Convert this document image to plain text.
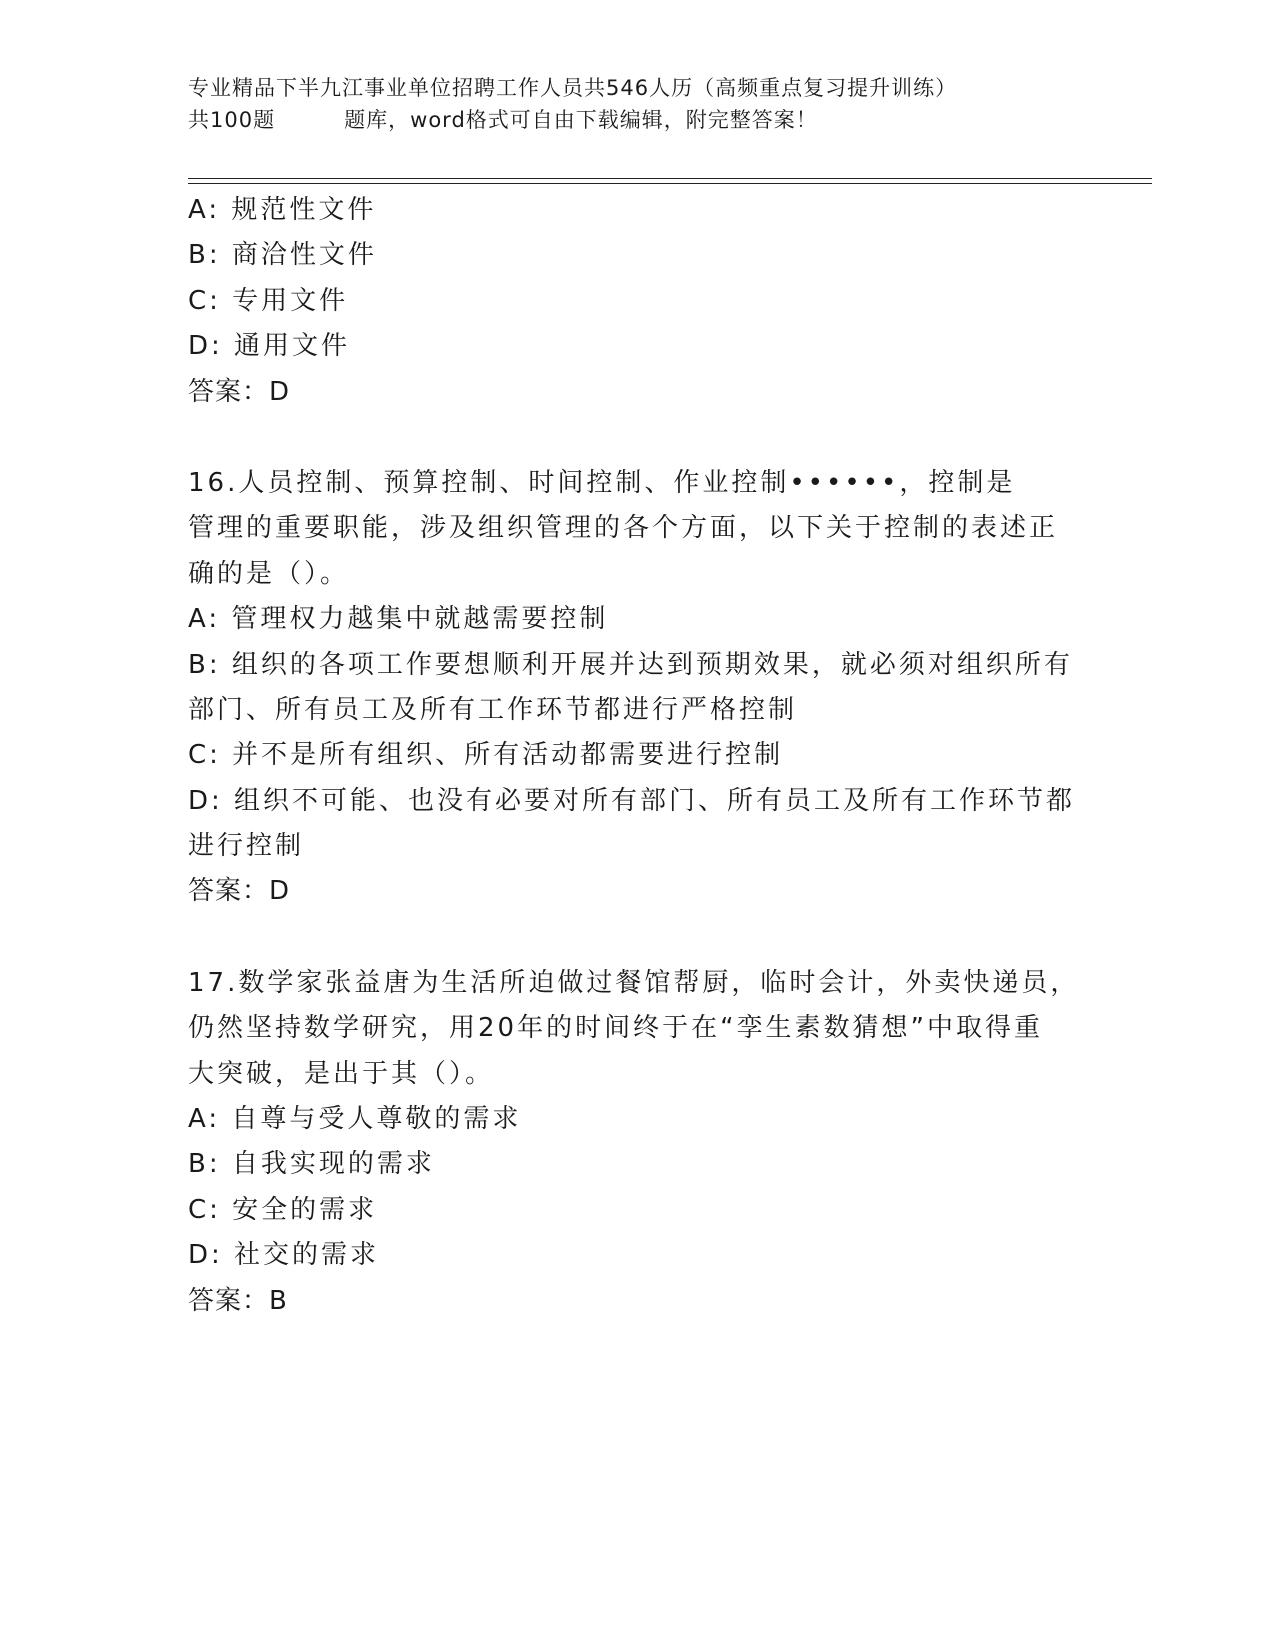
专业精品下半九江事业单位招聘工作人员共546人历（高频重点复习提升训练）
共100题         题库，word格式可自由下载编辑，附完整答案！
A: 规范性文件
B: 商洽性文件
C: 专用文件
D: 通用文件
答案：D
16.人员控制、预算控制、时间控制、作业控制••••••，控制是
管理的重要职能，涉及组织管理的各个方面，以下关于控制的表述正
确的是（）。
A: 管理权力越集中就越需要控制
B: 组织的各项工作要想顺利开展并达到预期效果，就必须对组织所有
部门、所有员工及所有工作环节都进行严格控制
C: 并不是所有组织、所有活动都需要进行控制
D: 组织不可能、也没有必要对所有部门、所有员工及所有工作环节都
进行控制
答案：D
17.数学家张益唐为生活所迫做过餐馆帮厨，临时会计，外卖快递员，
仍然坚持数学研究，用20年的时间终于在“孪生素数猜想”中取得重
大突破，是出于其（）。
A: 自尊与受人尊敬的需求
B: 自我实现的需求
C: 安全的需求
D: 社交的需求
答案：B
